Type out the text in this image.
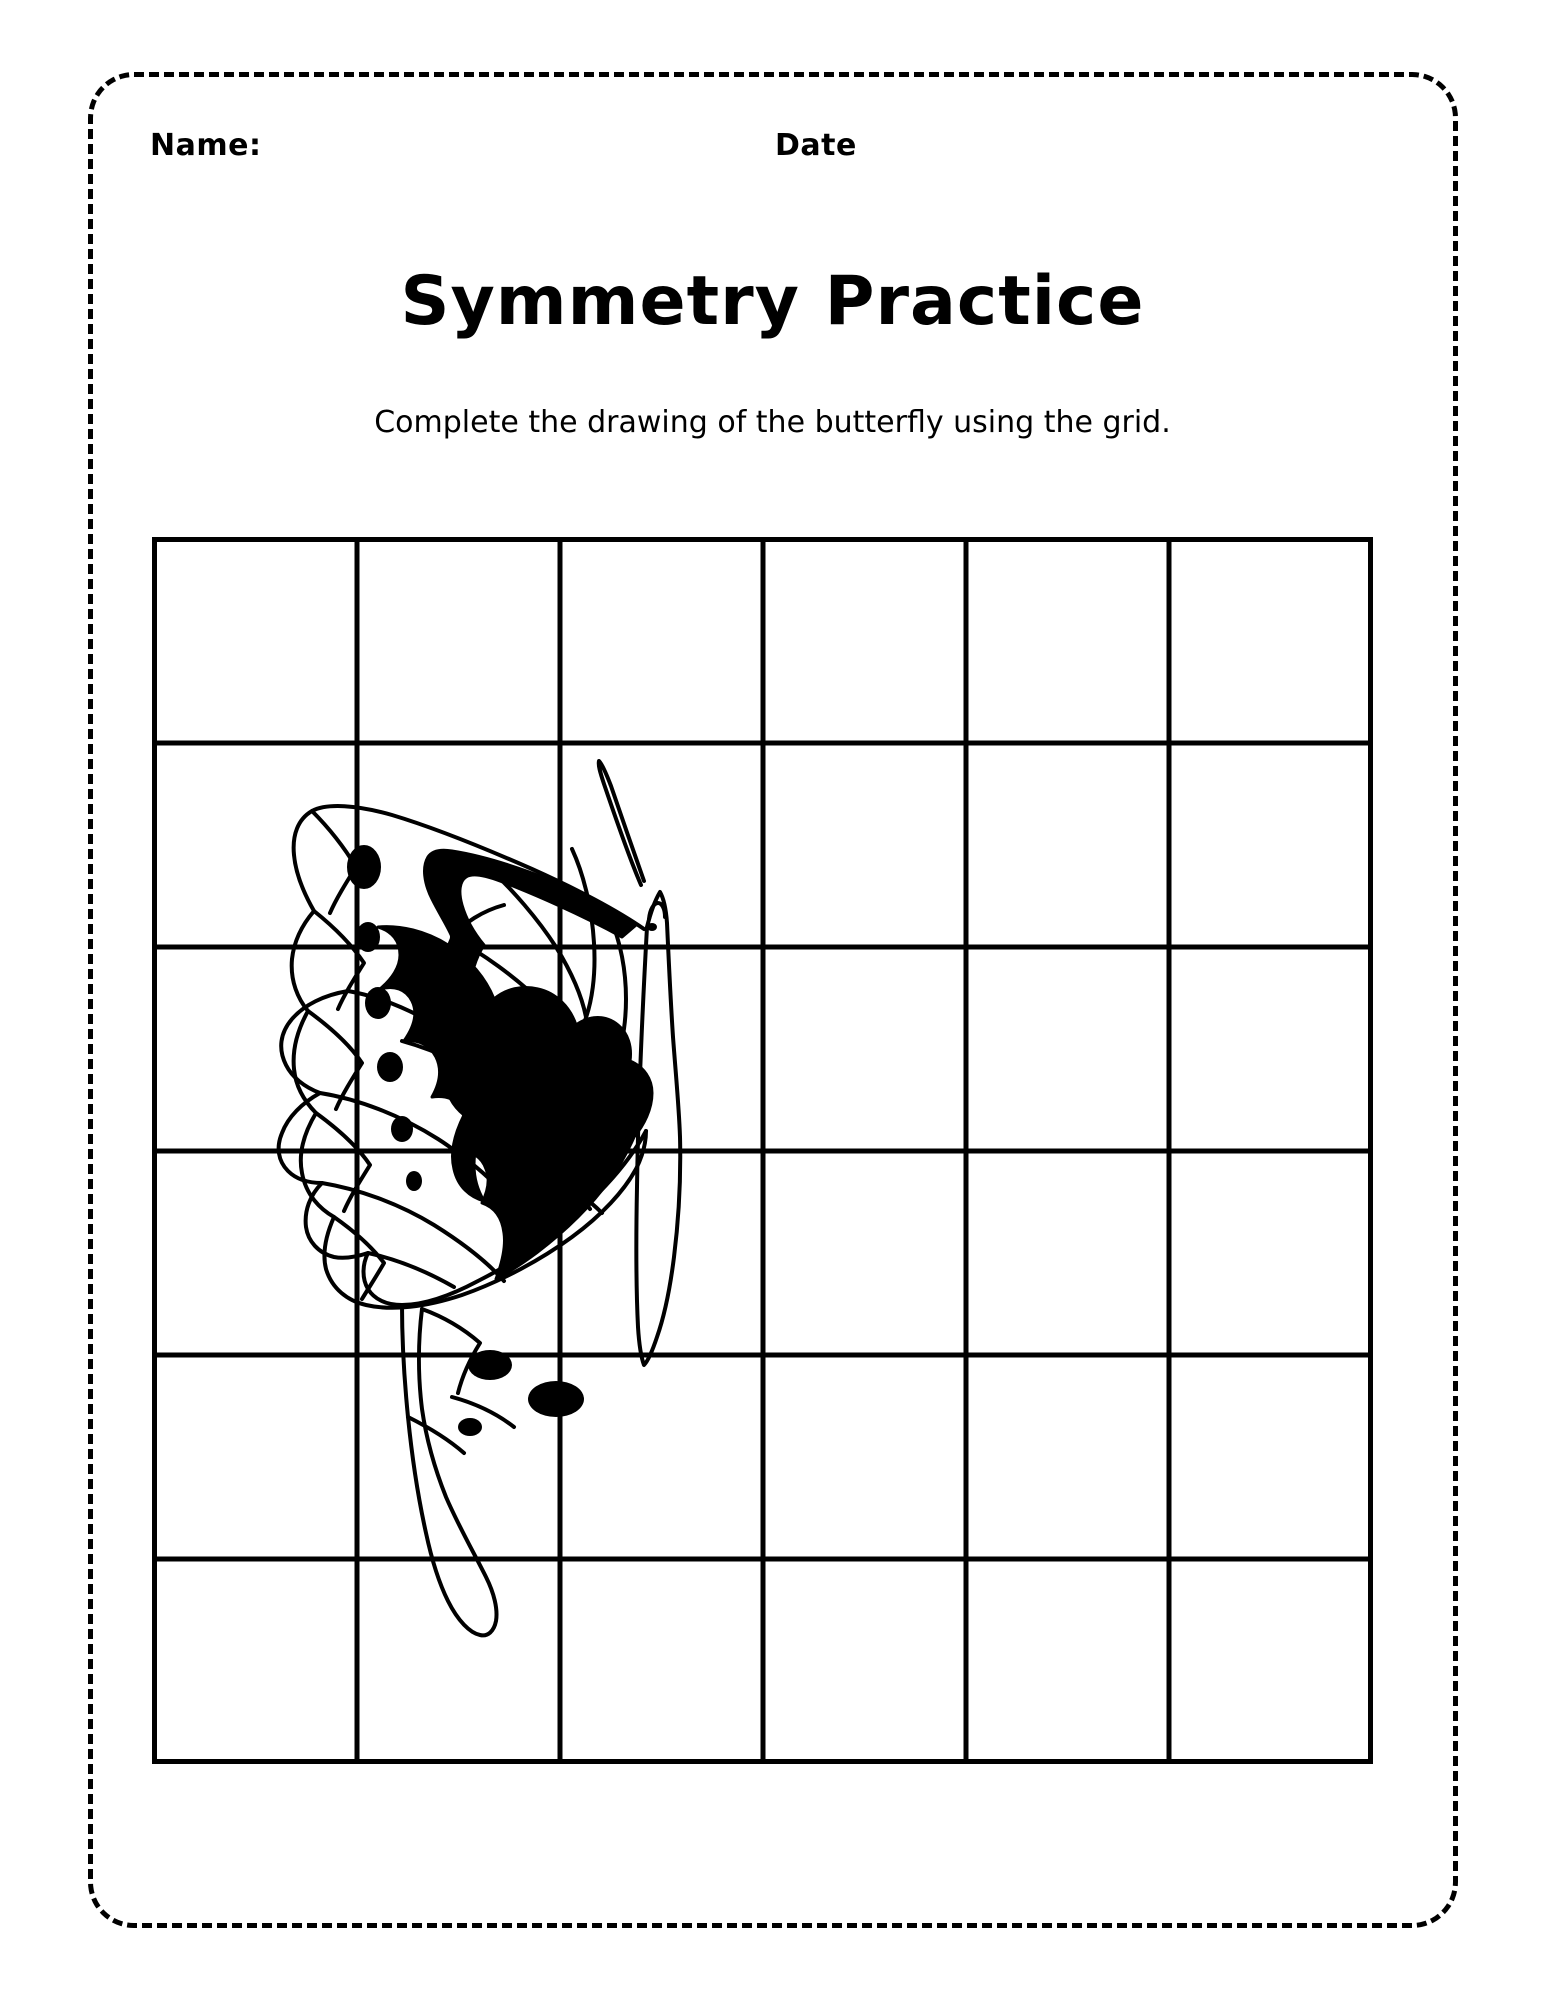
Name:	Date
Symmetry Practice
Complete the drawing of the butterfly using the grid.
